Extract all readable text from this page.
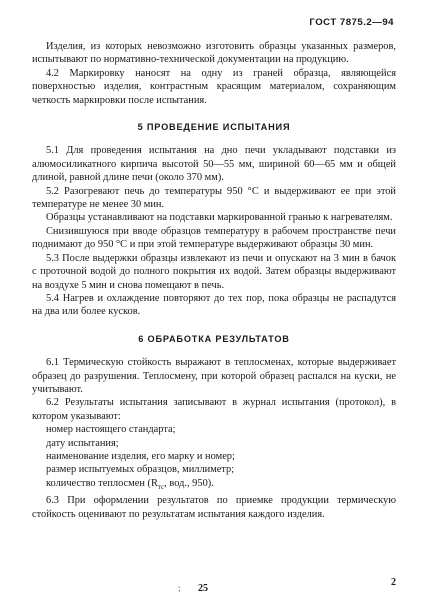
ГОСТ 7875.2—94

Изделия, из которых невозможно изготовить образцы указанных размеров, испытывают по нормативно-технической документации на продукцию.

4.2 Маркировку наносят на одну из граней образца, являющейся поверхностью изделия, контрастным красящим материалом, сохраняющим четкость маркировки после испытания.

5 ПРОВЕДЕНИЕ ИСПЫТАНИЯ

5.1 Для проведения испытания на дно печи укладывают подставки из алюмосиликатного кирпича высотой 50—55 мм, шириной 60—65 мм и общей длиной, равной длине печи (около 370 мм).

5.2 Разогревают печь до температуры 950 °С и выдерживают ее при этой температуре не менее 30 мин.

Образцы устанавливают на подставки маркированной гранью к нагревателям.

Снизившуюся при вводе образцов температуру в рабочем пространстве печи поднимают до 950 °С и при этой температуре выдерживают образцы 30 мин.

5.3 После выдержки образцы извлекают из печи и опускают на 3 мин в бачок с проточной водой до полного покрытия их водой. Затем образцы выдерживают на воздухе 5 мин и снова помещают в печь.

5.4 Нагрев и охлаждение повторяют до тех пор, пока образцы не распадутся на два или более кусков.

6 ОБРАБОТКА РЕЗУЛЬТАТОВ

6.1 Термическую стойкость выражают в теплосменах, которые выдерживает образец до разрушения. Теплосмену, при которой образец распался на куски, не учитывают.

6.2 Результаты испытания записывают в журнал испытания (протокол), в котором указывают:

номер настоящего стандарта;
дату испытания;
наименование изделия, его марку и номер;
размер испытуемых образцов, миллиметр;
количество теплосмен ($R_{тс}$, вод., 950).

6.3 При оформлении результатов по приемке продукции термическую стойкость оценивают по результатам испытания каждого изделия.

; 25
2
